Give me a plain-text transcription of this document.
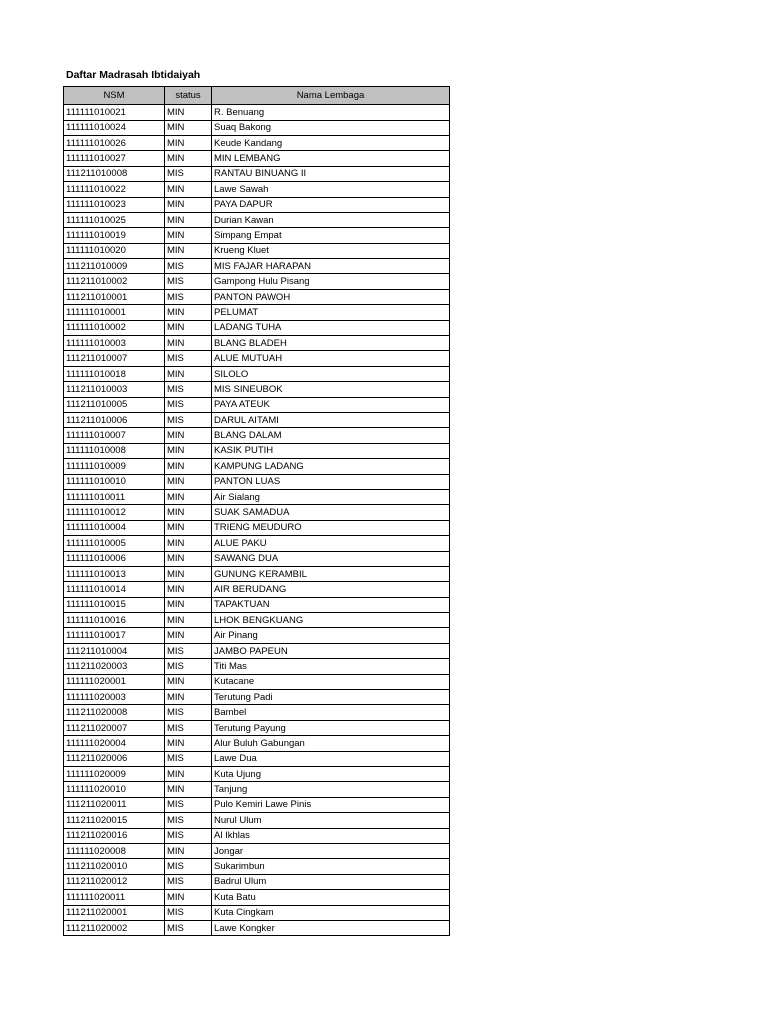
Daftar Madrasah Ibtidaiyah
NSM	status	Nama Lembaga
111111010021	MIN	R. Benuang
111111010024	MIN	Suaq Bakong
111111010026	MIN	Keude Kandang
111111010027	MIN	MIN LEMBANG
111211010008	MIS	RANTAU BINUANG II
111111010022	MIN	Lawe Sawah
111111010023	MIN	PAYA DAPUR
111111010025	MIN	Durian Kawan
111111010019	MIN	Simpang Empat
111111010020	MIN	Krueng Kluet
111211010009	MIS	MIS FAJAR HARAPAN
111211010002	MIS	Gampong Hulu Pisang
111211010001	MIS	PANTON PAWOH
111111010001	MIN	PELUMAT
111111010002	MIN	LADANG TUHA
111111010003	MIN	BLANG BLADEH
111211010007	MIS	ALUE MUTUAH
111111010018	MIN	SILOLO
111211010003	MIS	MIS SINEUBOK
111211010005	MIS	PAYA ATEUK
111211010006	MIS	DARUL AITAMI
111111010007	MIN	BLANG DALAM
111111010008	MIN	KASIK PUTIH
111111010009	MIN	KAMPUNG LADANG
111111010010	MIN	PANTON LUAS
111111010011	MIN	Air Sialang
111111010012	MIN	SUAK SAMADUA
111111010004	MIN	TRIENG MEUDURO
111111010005	MIN	ALUE PAKU
111111010006	MIN	SAWANG DUA
111111010013	MIN	GUNUNG KERAMBIL
111111010014	MIN	AIR BERUDANG
111111010015	MIN	TAPAKTUAN
111111010016	MIN	LHOK BENGKUANG
111111010017	MIN	Air Pinang
111211010004	MIS	JAMBO PAPEUN
111211020003	MIS	Titi Mas
111111020001	MIN	Kutacane
111111020003	MIN	Terutung Padi
111211020008	MIS	Bambel
111211020007	MIS	Terutung Payung
111111020004	MIN	Alur Buluh Gabungan
111211020006	MIS	Lawe Dua
111111020009	MIN	Kuta Ujung
111111020010	MIN	Tanjung
111211020011	MIS	Pulo Kemiri Lawe Pinis
111211020015	MIS	Nurul Ulum
111211020016	MIS	Al Ikhlas
111111020008	MIN	Jongar
111211020010	MIS	Sukarimbun
111211020012	MIS	Badrul Ulum
111111020011	MIN	Kuta Batu
111211020001	MIS	Kuta Cingkam
111211020002	MIS	Lawe Kongker
